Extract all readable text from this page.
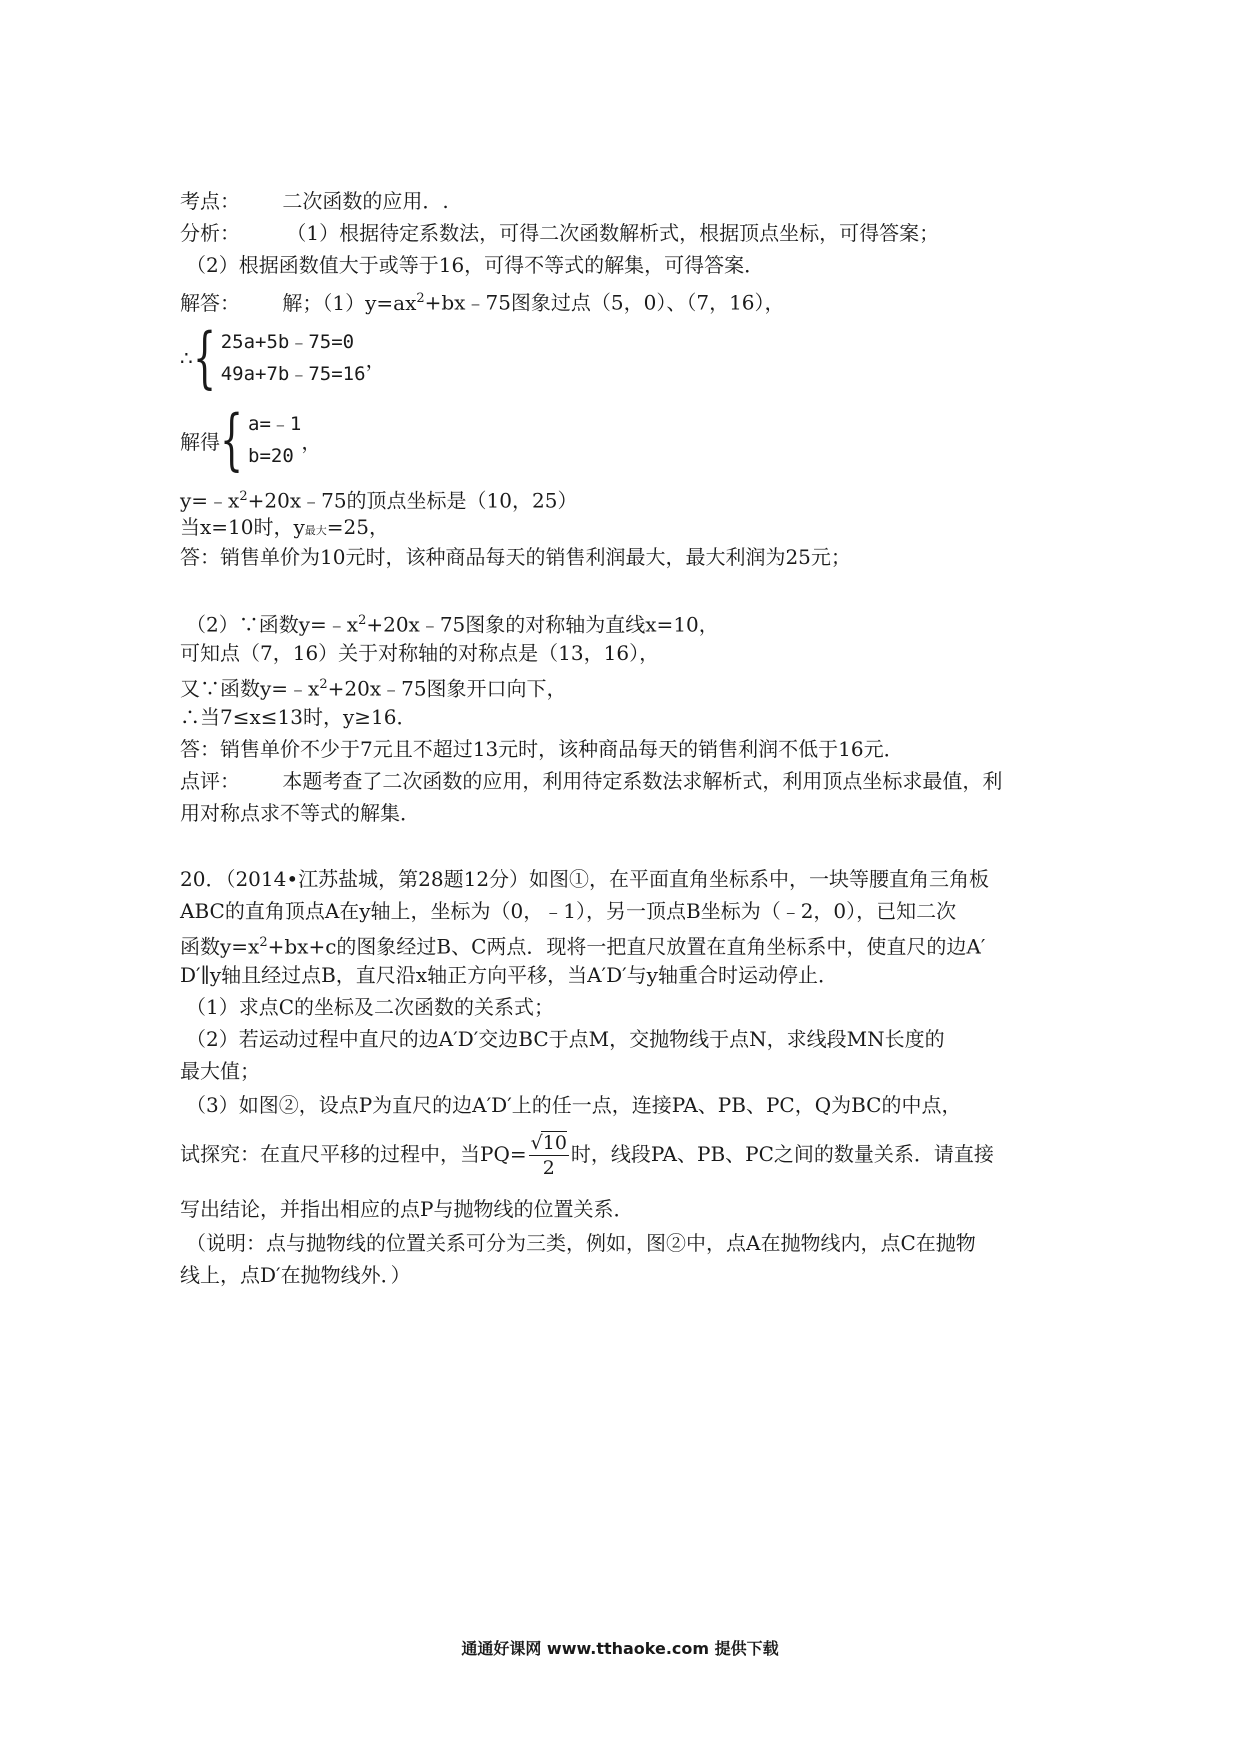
考点： 二次函数的应用．.
分析： （1）根据待定系数法，可得二次函数解析式，根据顶点坐标，可得答案；
（2）根据函数值大于或等于16，可得不等式的解集，可得答案．
解答： 解；$(1)y=ax^2+bx﹣75$图象过点（5，0）、（7，16），
∴ { 25a+5b﹣75=0
49a+7b﹣75=16
，
解得 { a=﹣1
b=20
，
$y=﹣x^2+20x﹣75$的顶点坐标是（10，25）
当x=10时，y最大=25，
答：销售单价为10元时，该种商品每天的销售利润最大，最大利润为25元；
（2）∵函数$y=﹣x^2+20x﹣75$图象的对称轴为直线x=10，
可知点（7，16）关于对称轴的对称点是（13，16），
又∵函数$y=﹣x^2+20x﹣75$图象开口向下，
∴当7≤x≤13时，y≥16．
答：销售单价不少于7元且不超过13元时，该种商品每天的销售利润不低于16元．
点评： 本题考查了二次函数的应用，利用待定系数法求解析式，利用顶点坐标求最值，利
用对称点求不等式的解集．
20．（2014•江苏盐城，第28题12分）如图①，在平面直角坐标系中，一块等腰直角三角板
ABC的直角顶点A在y轴上，坐标为（0，﹣1），另一顶点B坐标为（﹣2，0），已知二次
函数$y=x^2+bx+c$的图象经过B、C两点．现将一把直尺放置在直角坐标系中，使直尺的边A′
D′∥y轴且经过点B，直尺沿x轴正方向平移，当A′D′与y轴重合时运动停止．
（1）求点C的坐标及二次函数的关系式；
（2）若运动过程中直尺的边A′D′交边BC于点M，交抛物线于点N，求线段MN长度的
最大值；
（3）如图②，设点P为直尺的边A′D′上的任一点，连接PA、PB、PC，Q为BC的中点，
试探究：在直尺平移的过程中，当$PQ= \frac{√10}{2}$ 时，线段PA、PB、PC之间的数量关系．请直接
写出结论，并指出相应的点P与抛物线的位置关系．
（说明：点与抛物线的位置关系可分为三类，例如，图②中，点A在抛物线内，点C在抛物
线上，点D′在抛物线外．）
通通好课网 www.tthaoke.com 提供下载
